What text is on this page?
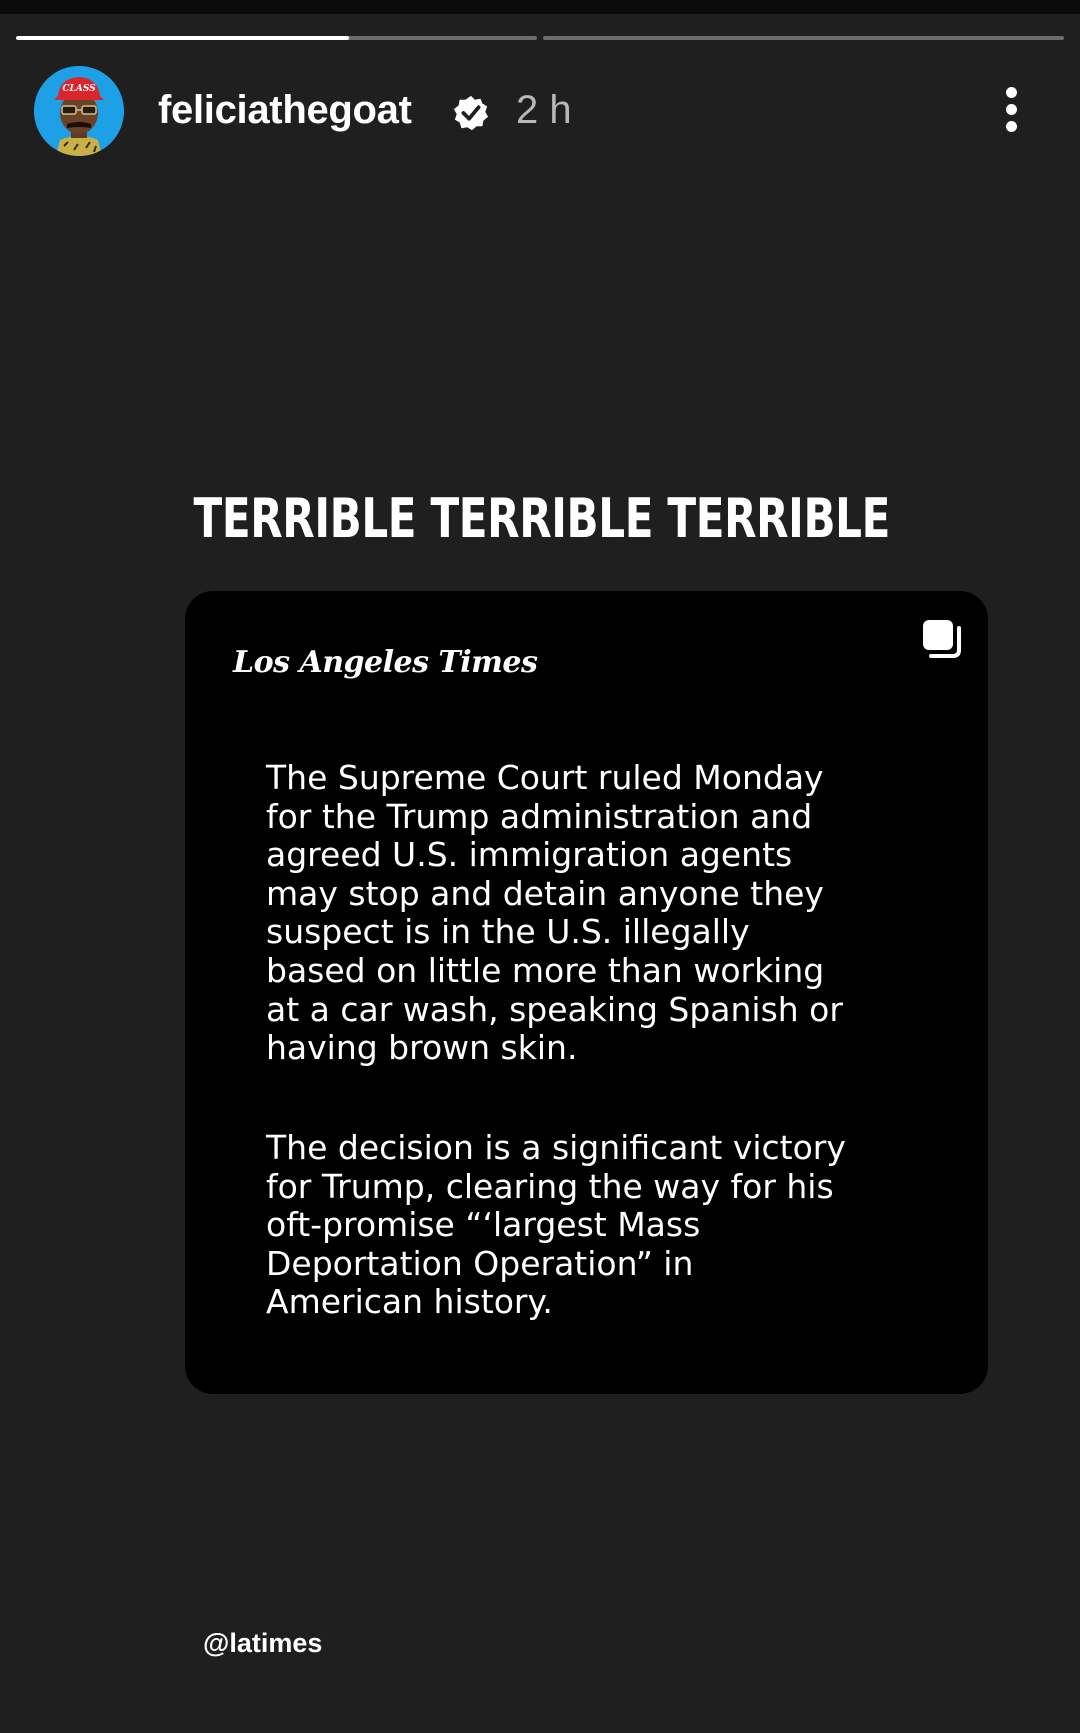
CLASS feliciathegoat	2 h
TERRIBLE TERRIBLE TERRIBLE
Los Angeles Times

The Supreme Court ruled Monday
for the Trump administration and
agreed U.S. immigration agents
may stop and detain anyone they
suspect is in the U.S. illegally
based on little more than working
at a car wash, speaking Spanish or
having brown skin.

The decision is a significant victory
for Trump, clearing the way for his
oft-promise “‘largest Mass
Deportation Operation” in
American history.

@latimes
